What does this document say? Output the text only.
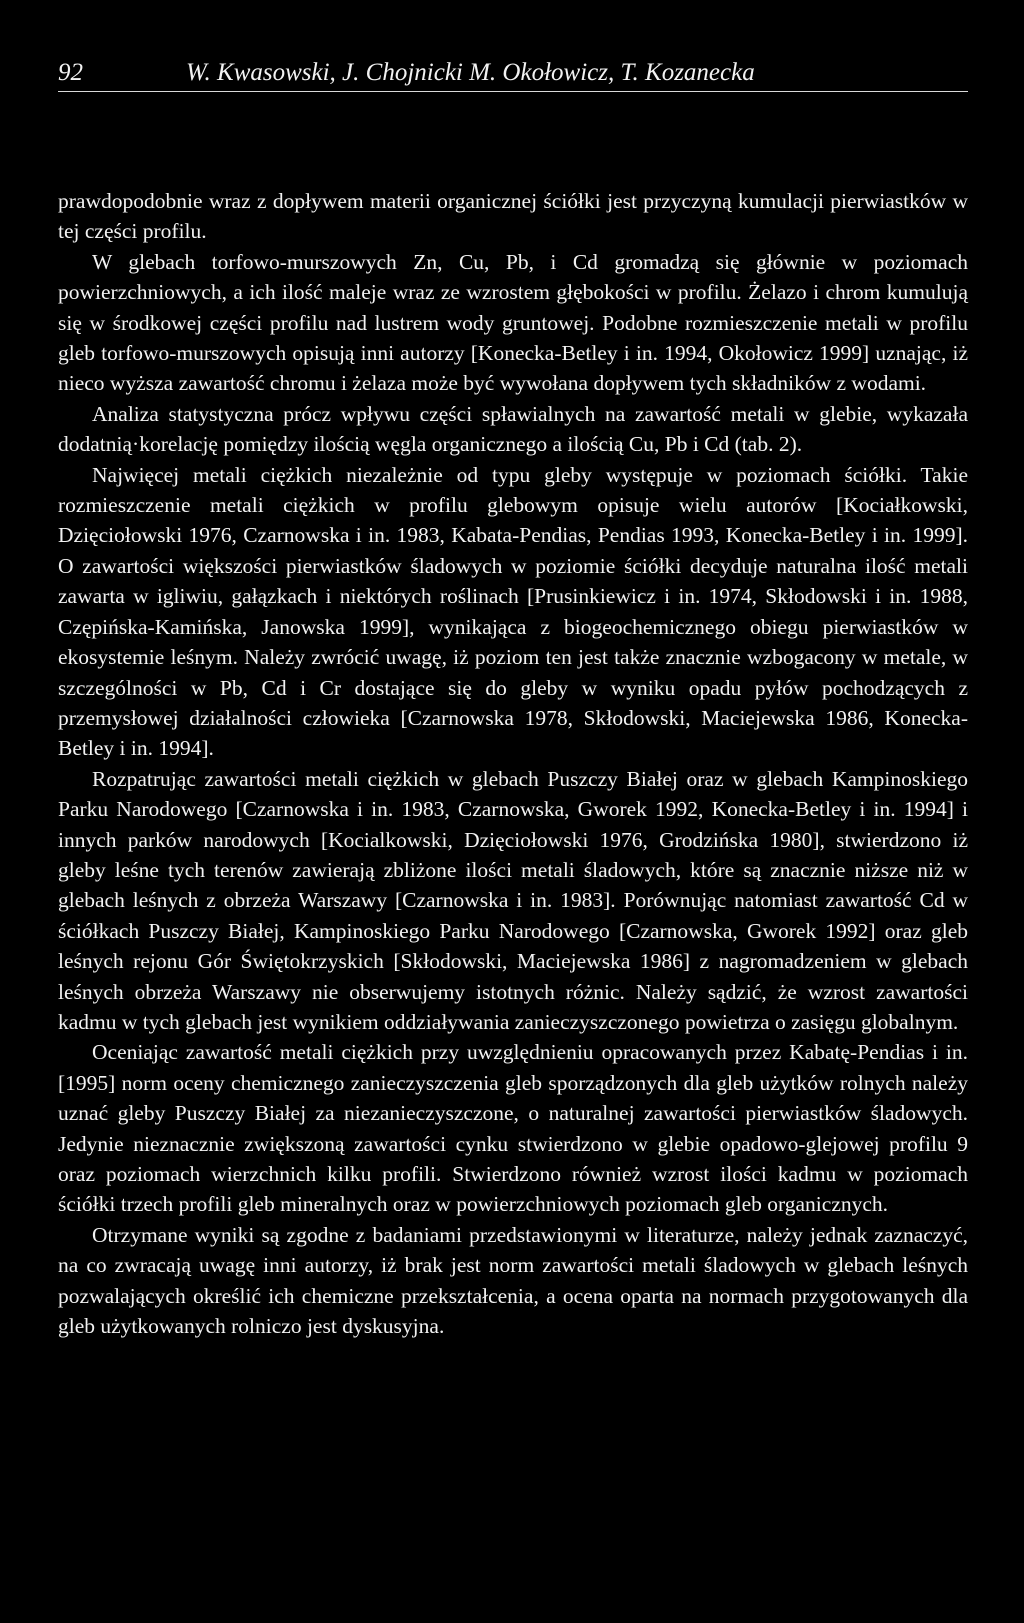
92	W. Kwasowski, J. Chojnicki M. Okołowicz, T. Kozanecka

prawdopodobnie wraz z dopływem materii organicznej ściółki jest przyczyną kumulacji pierwiastków w tej części profilu.

W glebach torfowo-murszowych Zn, Cu, Pb, i Cd gromadzą się głównie w poziomach powierzchniowych, a ich ilość maleje wraz ze wzrostem głębokości w profilu. Żelazo i chrom kumulują się w środkowej części profilu nad lustrem wody gruntowej. Podobne rozmieszczenie metali w profilu gleb torfowo-murszowych opisują inni autorzy [Konecka-Betley i in. 1994, Okołowicz 1999] uznając, iż nieco wyższa zawartość chromu i żelaza może być wywołana dopływem tych składników z wodami.

Analiza statystyczna prócz wpływu części spławialnych na zawartość metali w glebie, wykazała dodatnią·korelację pomiędzy ilością węgla organicznego a ilością Cu, Pb i Cd (tab. 2).

Najwięcej metali ciężkich niezależnie od typu gleby występuje w poziomach ściółki. Takie rozmieszczenie metali ciężkich w profilu glebowym opisuje wielu autorów [Kociałkowski, Dzięciołowski 1976, Czarnowska i in. 1983, Kabata-Pendias, Pendias 1993, Konecka-Betley i in. 1999]. O zawartości większości pierwiastków śladowych w poziomie ściółki decyduje naturalna ilość metali zawarta w igliwiu, gałązkach i niektórych roślinach [Prusinkiewicz i in. 1974, Skłodowski i in. 1988, Czępińska-Kamińska, Janowska 1999], wynikająca z biogeochemicznego obiegu pierwiastków w ekosystemie leśnym. Należy zwrócić uwagę, iż poziom ten jest także znacznie wzbogacony w metale, w szczególności w Pb, Cd i Cr dostające się do gleby w wyniku opadu pyłów pochodzących z przemysłowej działalności człowieka [Czarnowska 1978, Skłodowski, Maciejewska 1986, Konecka-Betley i in. 1994].

Rozpatrując zawartości metali ciężkich w glebach Puszczy Białej oraz w glebach Kampinoskiego Parku Narodowego [Czarnowska i in. 1983, Czarnowska, Gworek 1992, Konecka-Betley i in. 1994] i innych parków narodowych [Kocialkowski, Dzięciołowski 1976, Grodzińska 1980], stwierdzono iż gleby leśne tych terenów zawierają zbliżone ilości metali śladowych, które są znacznie niższe niż w glebach leśnych z obrzeża Warszawy [Czarnowska i in. 1983]. Porównując natomiast zawartość Cd w ściółkach Puszczy Białej, Kampinoskiego Parku Narodowego [Czarnowska, Gworek 1992] oraz gleb leśnych rejonu Gór Świętokrzyskich [Skłodowski, Maciejewska 1986] z nagromadzeniem w glebach leśnych obrzeża Warszawy nie obserwujemy istotnych różnic. Należy sądzić, że wzrost zawartości kadmu w tych glebach jest wynikiem oddziaływania zanieczyszczonego powietrza o zasięgu globalnym.

Oceniając zawartość metali ciężkich przy uwzględnieniu opracowanych przez Kabatę-Pendias i in. [1995] norm oceny chemicznego zanieczyszczenia gleb sporządzonych dla gleb użytków rolnych należy uznać gleby Puszczy Białej za niezanieczyszczone, o naturalnej zawartości pierwiastków śladowych. Jedynie nieznacznie zwiększoną zawartości cynku stwierdzono w glebie opadowo-glejowej profilu 9 oraz poziomach wierzchnich kilku profili. Stwierdzono również wzrost ilości kadmu w poziomach ściółki trzech profili gleb mineralnych oraz w powierzchniowych poziomach gleb organicznych.

Otrzymane wyniki są zgodne z badaniami przedstawionymi w literaturze, należy jednak zaznaczyć, na co zwracają uwagę inni autorzy, iż brak jest norm zawartości metali śladowych w glebach leśnych pozwalających określić ich chemiczne przekształcenia, a ocena oparta na normach przygotowanych dla gleb użytkowanych rolniczo jest dyskusyjna.
